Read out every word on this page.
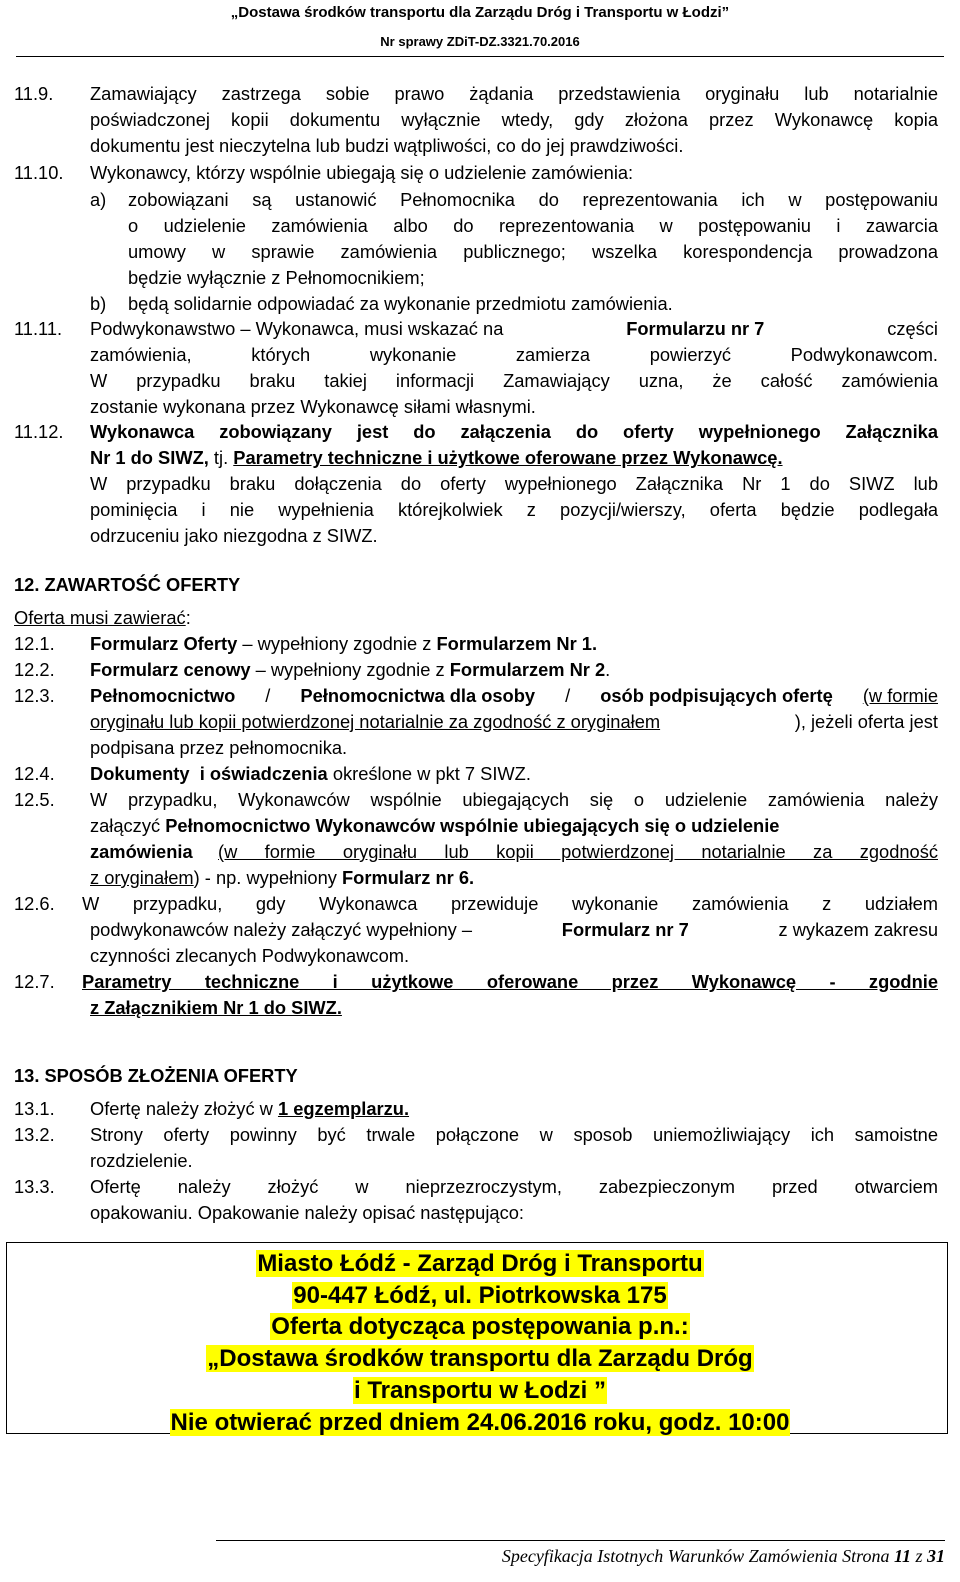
„Dostawa środków transportu dla Zarządu Dróg i Transportu w Łodzi”
Nr sprawy ZDiT-DZ.3321.70.2016
11.9. Zamawiający zastrzega sobie prawo żądania przedstawienia oryginału lub notarialnie
poświadczonej kopii dokumentu wyłącznie wtedy, gdy złożona przez Wykonawcę kopia
dokumentu jest nieczytelna lub budzi wątpliwości, co do jej prawdziwości.
11.10. Wykonawcy, którzy wspólnie ubiegają się o udzielenie zamówienia:
a) zobowiązani są ustanowić Pełnomocnika do reprezentowania ich w postępowaniu
o udzielenie zamówienia albo do reprezentowania w postępowaniu i zawarcia
umowy w sprawie zamówienia publicznego; wszelka korespondencja prowadzona
będzie wyłącznie z Pełnomocnikiem;
b) będą solidarnie odpowiadać za wykonanie przedmiotu zamówienia.
11.11. Podwykonawstwo – Wykonawca, musi wskazać na	Formularzu nr 7	części
zamówienia, których wykonanie zamierza powierzyć Podwykonawcom.
W przypadku braku takiej informacji Zamawiający uzna, że całość zamówienia
zostanie wykonana przez Wykonawcę siłami własnymi.
11.12. Wykonawca zobowiązany jest do załączenia do oferty wypełnionego Załącznika
Nr 1 do SIWZ, tj. Parametry techniczne i użytkowe oferowane przez Wykonawcę.
W przypadku braku dołączenia do oferty wypełnionego Załącznika Nr 1 do SIWZ lub
pominięcia i nie wypełnienia którejkolwiek z pozycji/wierszy, oferta będzie podlegała
odrzuceniu jako niezgodna z SIWZ.
12. ZAWARTOŚĆ OFERTY
Oferta musi zawierać:
12.1. Formularz Oferty – wypełniony zgodnie z Formularzem Nr 1.
12.2. Formularz cenowy – wypełniony zgodnie z Formularzem Nr 2.
12.3. Pełnomocnictwo / Pełnomocnictwa dla osoby / osób podpisujących ofertę (w formie
oryginału lub kopii potwierdzonej notarialnie za zgodność z oryginałem	), jeżeli oferta jest
podpisana przez pełnomocnika.
12.4. Dokumenty  i oświadczenia określone w pkt 7 SIWZ.
12.5. W przypadku, Wykonawców wspólnie ubiegających się o udzielenie zamówienia należy
załączyć Pełnomocnictwo Wykonawców wspólnie ubiegających się o udzielenie
zamówienia (w formie oryginału lub kopii potwierdzonej notarialnie za zgodność
z oryginałem) - np. wypełniony Formularz nr 6.
12.6. W przypadku, gdy Wykonawca przewiduje wykonanie zamówienia z udziałem
podwykonawców należy załączyć wypełniony –	Formularz nr 7	z wykazem zakresu
czynności zlecanych Podwykonawcom.
12.7. Parametry techniczne i użytkowe oferowane przez Wykonawcę - zgodnie
z Załącznikiem Nr 1 do SIWZ.
13. SPOSÓB ZŁOŻENIA OFERTY
13.1. Ofertę należy złożyć w 1 egzemplarzu.
13.2. Strony oferty powinny być trwale połączone w sposob uniemożliwiający ich samoistne
rozdzielenie.
13.3. Ofertę należy złożyć w nieprzezroczystym, zabezpieczonym przed otwarciem
opakowaniu. Opakowanie należy opisać następująco:
Miasto Łódź - Zarząd Dróg i Transportu
90-447 Łódź, ul. Piotrkowska 175
Oferta dotycząca postępowania p.n.:
„Dostawa środków transportu dla Zarządu Dróg
i Transportu w Łodzi ”
Nie otwierać przed dniem 24.06.2016 roku, godz. 10:00
Specyfikacja Istotnych Warunków Zamówienia Strona 11 z 31
